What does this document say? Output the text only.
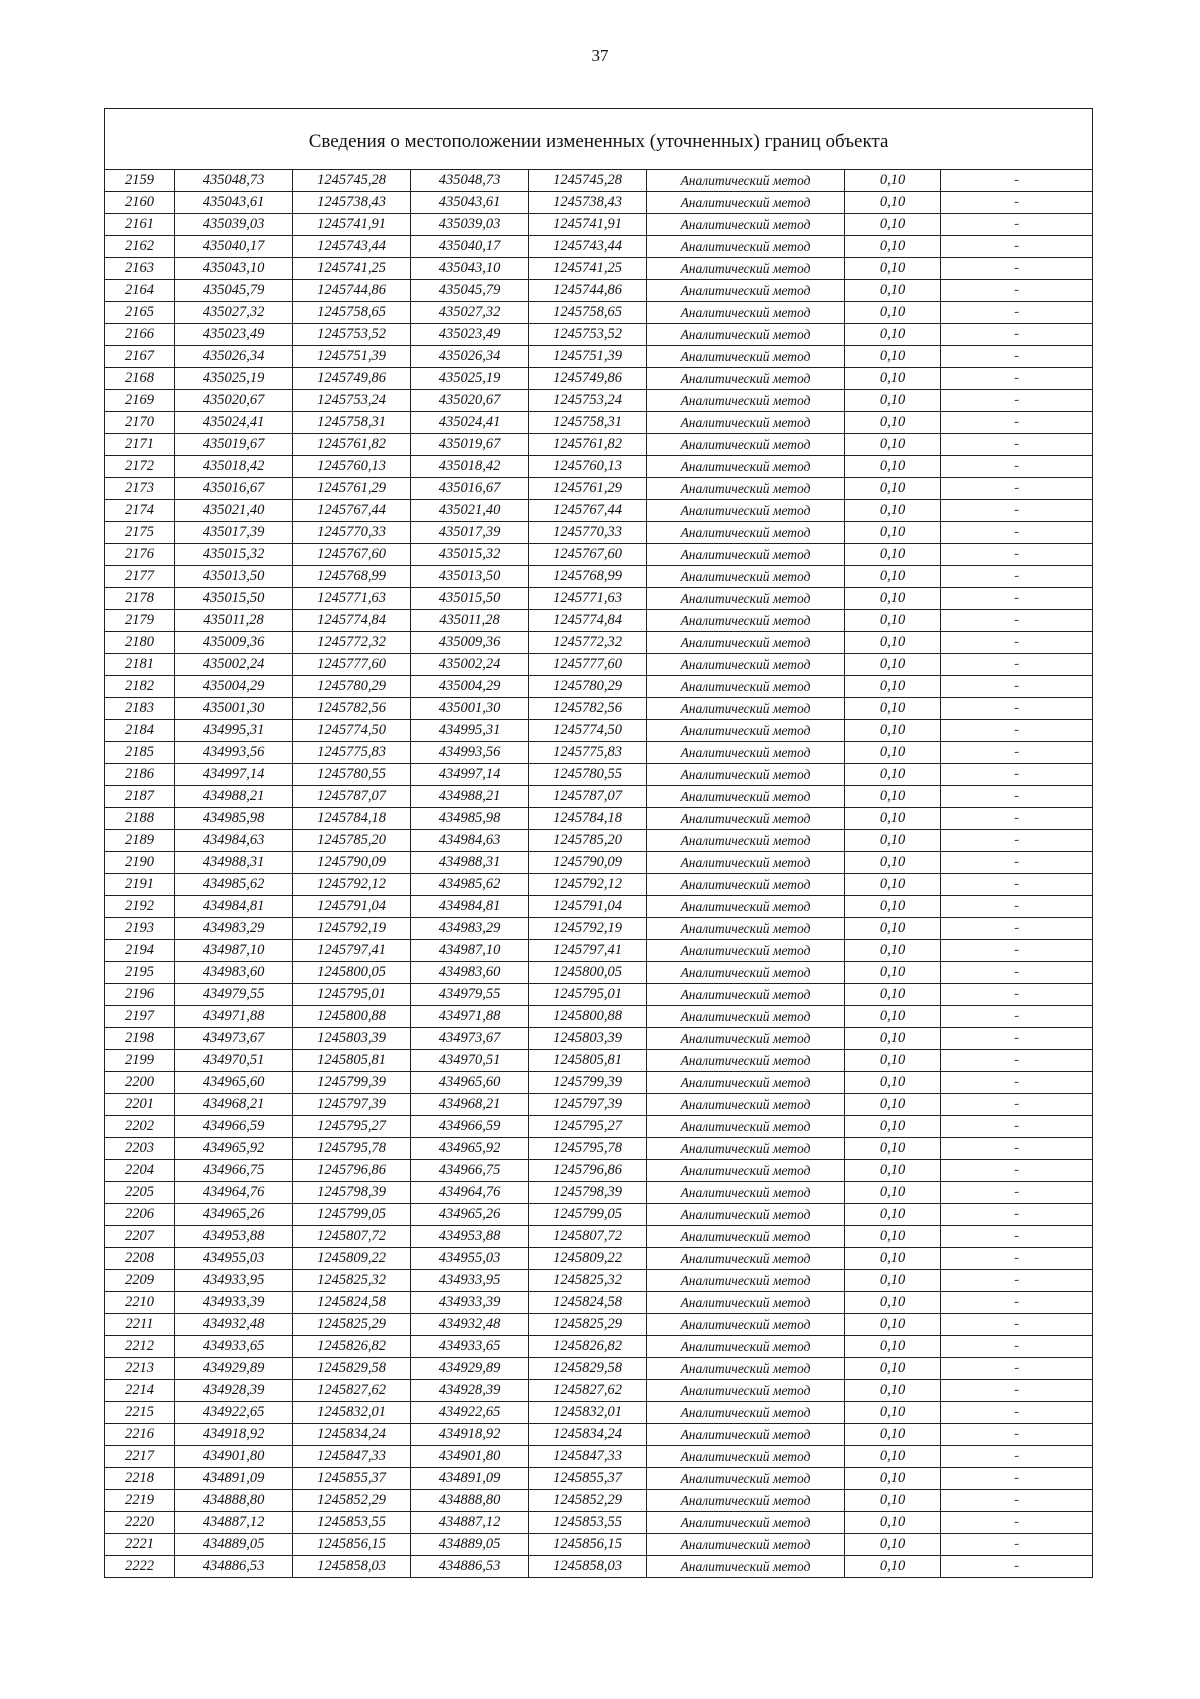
37
Сведения о местоположении измененных (уточненных) границ объекта							
2159	435048,73	1245745,28	435048,73	1245745,28	Аналитический метод	0,10	-
2160	435043,61	1245738,43	435043,61	1245738,43	Аналитический метод	0,10	-
2161	435039,03	1245741,91	435039,03	1245741,91	Аналитический метод	0,10	-
2162	435040,17	1245743,44	435040,17	1245743,44	Аналитический метод	0,10	-
2163	435043,10	1245741,25	435043,10	1245741,25	Аналитический метод	0,10	-
2164	435045,79	1245744,86	435045,79	1245744,86	Аналитический метод	0,10	-
2165	435027,32	1245758,65	435027,32	1245758,65	Аналитический метод	0,10	-
2166	435023,49	1245753,52	435023,49	1245753,52	Аналитический метод	0,10	-
2167	435026,34	1245751,39	435026,34	1245751,39	Аналитический метод	0,10	-
2168	435025,19	1245749,86	435025,19	1245749,86	Аналитический метод	0,10	-
2169	435020,67	1245753,24	435020,67	1245753,24	Аналитический метод	0,10	-
2170	435024,41	1245758,31	435024,41	1245758,31	Аналитический метод	0,10	-
2171	435019,67	1245761,82	435019,67	1245761,82	Аналитический метод	0,10	-
2172	435018,42	1245760,13	435018,42	1245760,13	Аналитический метод	0,10	-
2173	435016,67	1245761,29	435016,67	1245761,29	Аналитический метод	0,10	-
2174	435021,40	1245767,44	435021,40	1245767,44	Аналитический метод	0,10	-
2175	435017,39	1245770,33	435017,39	1245770,33	Аналитический метод	0,10	-
2176	435015,32	1245767,60	435015,32	1245767,60	Аналитический метод	0,10	-
2177	435013,50	1245768,99	435013,50	1245768,99	Аналитический метод	0,10	-
2178	435015,50	1245771,63	435015,50	1245771,63	Аналитический метод	0,10	-
2179	435011,28	1245774,84	435011,28	1245774,84	Аналитический метод	0,10	-
2180	435009,36	1245772,32	435009,36	1245772,32	Аналитический метод	0,10	-
2181	435002,24	1245777,60	435002,24	1245777,60	Аналитический метод	0,10	-
2182	435004,29	1245780,29	435004,29	1245780,29	Аналитический метод	0,10	-
2183	435001,30	1245782,56	435001,30	1245782,56	Аналитический метод	0,10	-
2184	434995,31	1245774,50	434995,31	1245774,50	Аналитический метод	0,10	-
2185	434993,56	1245775,83	434993,56	1245775,83	Аналитический метод	0,10	-
2186	434997,14	1245780,55	434997,14	1245780,55	Аналитический метод	0,10	-
2187	434988,21	1245787,07	434988,21	1245787,07	Аналитический метод	0,10	-
2188	434985,98	1245784,18	434985,98	1245784,18	Аналитический метод	0,10	-
2189	434984,63	1245785,20	434984,63	1245785,20	Аналитический метод	0,10	-
2190	434988,31	1245790,09	434988,31	1245790,09	Аналитический метод	0,10	-
2191	434985,62	1245792,12	434985,62	1245792,12	Аналитический метод	0,10	-
2192	434984,81	1245791,04	434984,81	1245791,04	Аналитический метод	0,10	-
2193	434983,29	1245792,19	434983,29	1245792,19	Аналитический метод	0,10	-
2194	434987,10	1245797,41	434987,10	1245797,41	Аналитический метод	0,10	-
2195	434983,60	1245800,05	434983,60	1245800,05	Аналитический метод	0,10	-
2196	434979,55	1245795,01	434979,55	1245795,01	Аналитический метод	0,10	-
2197	434971,88	1245800,88	434971,88	1245800,88	Аналитический метод	0,10	-
2198	434973,67	1245803,39	434973,67	1245803,39	Аналитический метод	0,10	-
2199	434970,51	1245805,81	434970,51	1245805,81	Аналитический метод	0,10	-
2200	434965,60	1245799,39	434965,60	1245799,39	Аналитический метод	0,10	-
2201	434968,21	1245797,39	434968,21	1245797,39	Аналитический метод	0,10	-
2202	434966,59	1245795,27	434966,59	1245795,27	Аналитический метод	0,10	-
2203	434965,92	1245795,78	434965,92	1245795,78	Аналитический метод	0,10	-
2204	434966,75	1245796,86	434966,75	1245796,86	Аналитический метод	0,10	-
2205	434964,76	1245798,39	434964,76	1245798,39	Аналитический метод	0,10	-
2206	434965,26	1245799,05	434965,26	1245799,05	Аналитический метод	0,10	-
2207	434953,88	1245807,72	434953,88	1245807,72	Аналитический метод	0,10	-
2208	434955,03	1245809,22	434955,03	1245809,22	Аналитический метод	0,10	-
2209	434933,95	1245825,32	434933,95	1245825,32	Аналитический метод	0,10	-
2210	434933,39	1245824,58	434933,39	1245824,58	Аналитический метод	0,10	-
2211	434932,48	1245825,29	434932,48	1245825,29	Аналитический метод	0,10	-
2212	434933,65	1245826,82	434933,65	1245826,82	Аналитический метод	0,10	-
2213	434929,89	1245829,58	434929,89	1245829,58	Аналитический метод	0,10	-
2214	434928,39	1245827,62	434928,39	1245827,62	Аналитический метод	0,10	-
2215	434922,65	1245832,01	434922,65	1245832,01	Аналитический метод	0,10	-
2216	434918,92	1245834,24	434918,92	1245834,24	Аналитический метод	0,10	-
2217	434901,80	1245847,33	434901,80	1245847,33	Аналитический метод	0,10	-
2218	434891,09	1245855,37	434891,09	1245855,37	Аналитический метод	0,10	-
2219	434888,80	1245852,29	434888,80	1245852,29	Аналитический метод	0,10	-
2220	434887,12	1245853,55	434887,12	1245853,55	Аналитический метод	0,10	-
2221	434889,05	1245856,15	434889,05	1245856,15	Аналитический метод	0,10	-
2222	434886,53	1245858,03	434886,53	1245858,03	Аналитический метод	0,10	-
